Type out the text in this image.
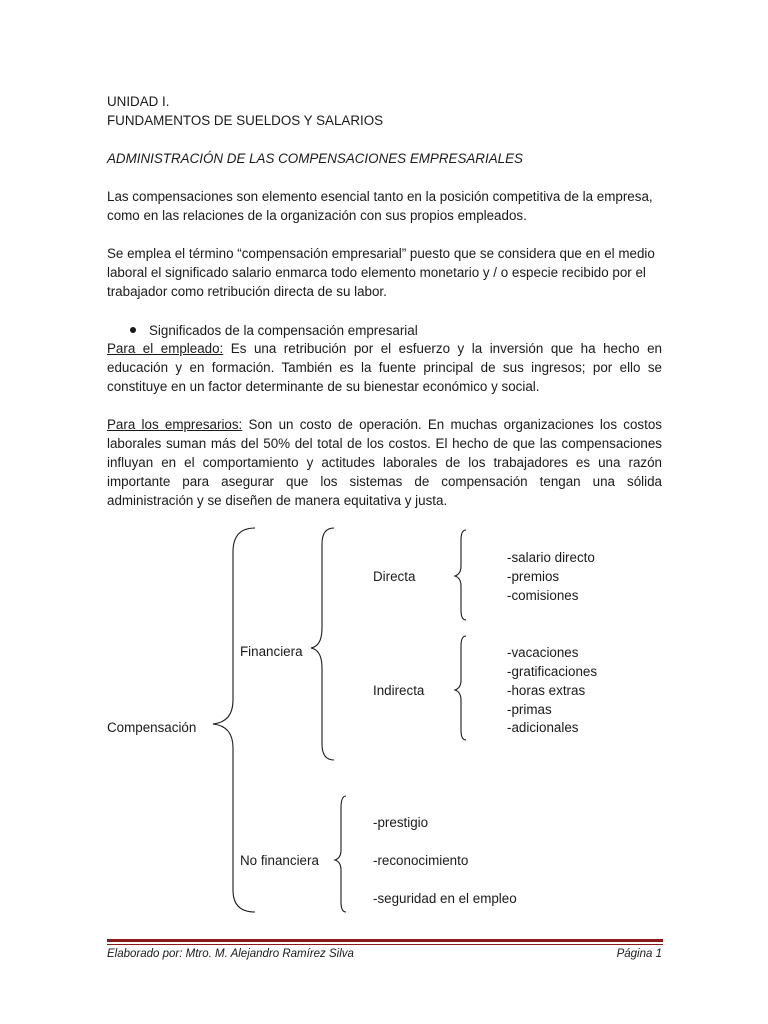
UNIDAD I.
FUNDAMENTOS DE SUELDOS Y SALARIOS
ADMINISTRACIÓN DE LAS COMPENSACIONES EMPRESARIALES
Las compensaciones son elemento esencial tanto en la posición competitiva de la empresa, como en las relaciones de la organización con sus propios empleados.
Se emplea el término “compensación empresarial” puesto que se considera que en el medio laboral el significado salario enmarca todo elemento monetario y / o especie recibido por el trabajador como retribución directa de su labor.
Significados de la compensación empresarial
Para el empleado: Es una retribución por el esfuerzo y la inversión que ha hecho en educación y en formación. También es la fuente principal de sus ingresos; por ello se constituye en un factor determinante de su bienestar económico y social.
Para los empresarios: Son un costo de operación. En muchas organizaciones los costos laborales suman más del 50% del total de los costos. El hecho de que las compensaciones influyan en el comportamiento y actitudes laborales de los trabajadores es una razón importante para asegurar que los sistemas de compensación tengan una sólida administración y se diseñen de manera equitativa y justa.
Compensación
Financiera
No financiera
Directa
Indirecta
-salario directo
-premios
-comisiones
-vacaciones
-gratificaciones
-horas extras
-primas
-adicionales
-prestigio
-reconocimiento
-seguridad en el empleo
Elaborado por: Mtro. M. Alejandro Ramírez Silva	Página 1
